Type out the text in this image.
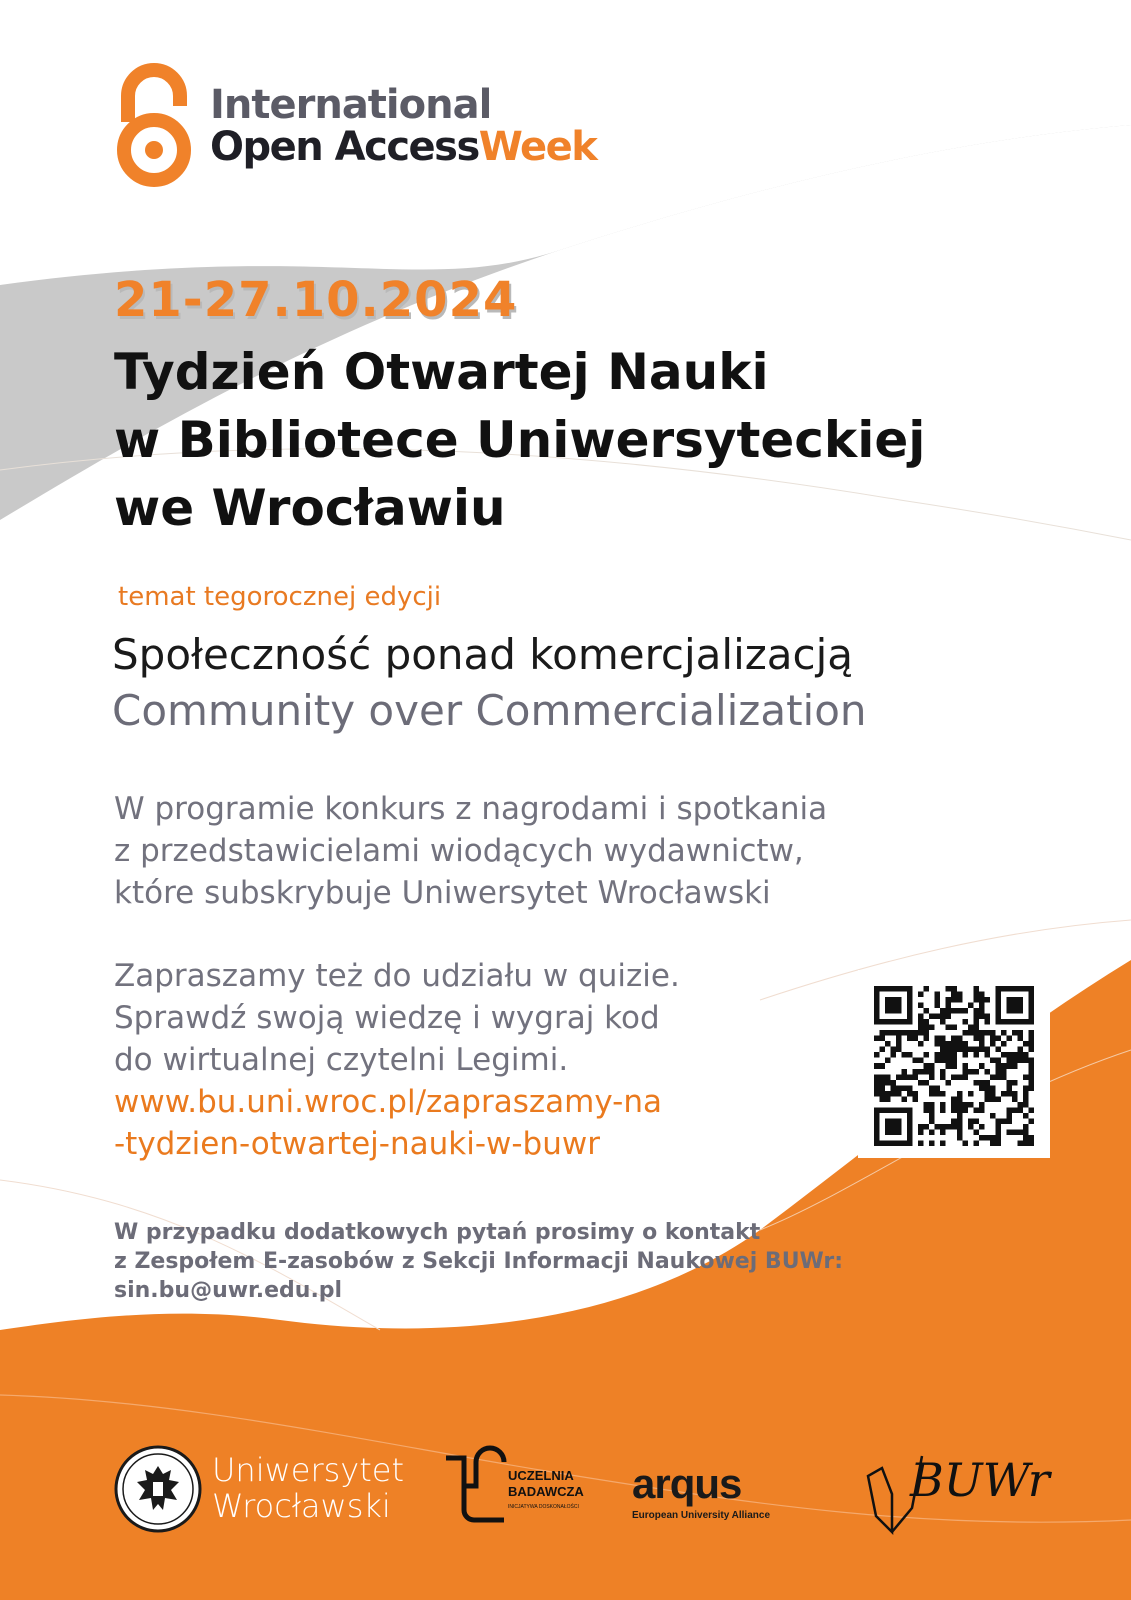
International
Open AccessWeek
21-27.10.2024
Tydzień Otwartej Nauki
w Bibliotece Uniwersyteckiej
we Wrocławiu
temat tegorocznej edycji
Społeczność ponad komercjalizacją
Community over Commercialization
W programie konkurs z nagrodami i spotkania
z przedstawicielami wiodących wydawnictw,
które subskrybuje Uniwersytet Wrocławski
Zapraszamy też do udziału w quizie.
Sprawdź swoją wiedzę i wygraj kod
do wirtualnej czytelni Legimi.
www.bu.uni.wroc.pl/zapraszamy-na
-tydzien-otwartej-nauki-w-buwr
W przypadku dodatkowych pytań prosimy o kontakt
z Zespołem E-zasobów z Sekcji Informacji Naukowej BUWr:
sin.bu@uwr.edu.pl
Uniwersytet
Wrocławski
UCZELNIA
BADAWCZA
INICJATYWA DOSKONAŁOŚCI arqus
European University Alliance
BUWr
